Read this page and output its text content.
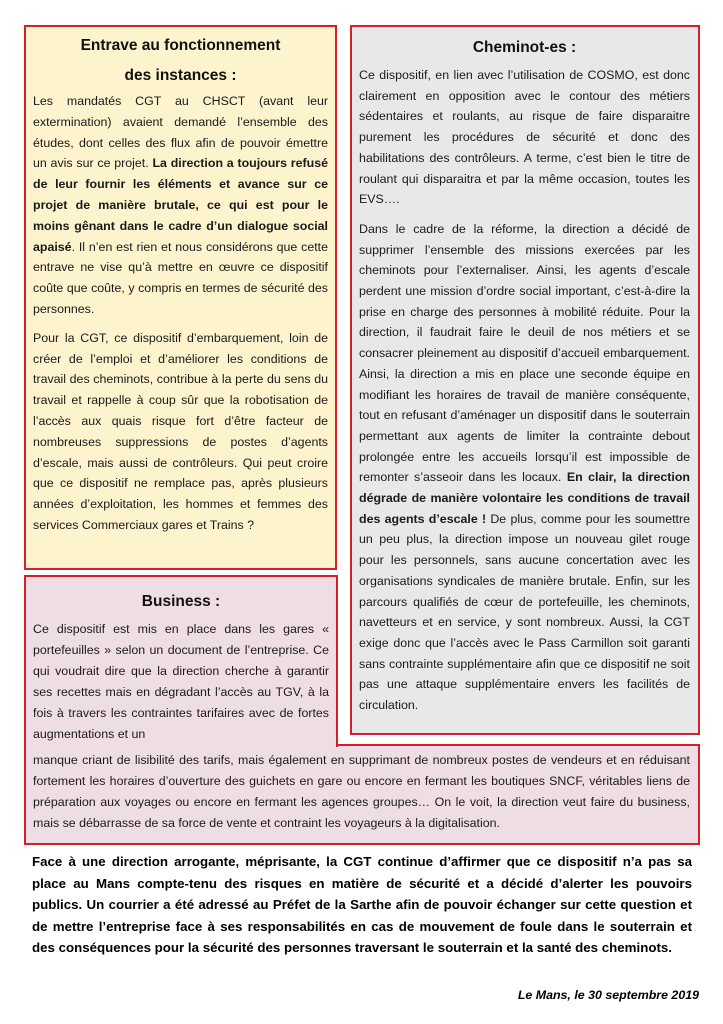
Entrave au fonctionnement
des instances :

Les mandatés CGT au CHSCT (avant leur extermination) avaient demandé l’ensemble des études, dont celles des flux afin de pouvoir émettre un avis sur ce projet. La direction a toujours refusé de leur fournir les éléments et avance sur ce projet de manière brutale, ce qui est pour le moins gênant dans le cadre d’un dialogue social apaisé. Il n’en est rien et nous considérons que cette entrave ne vise qu’à mettre en œuvre ce dispositif coûte que coûte, y compris en termes de sécurité des personnes.

Pour la CGT, ce dispositif d’embarquement, loin de créer de l’emploi et d’améliorer les conditions de travail des cheminots, contribue à la perte du sens du travail et rappelle à coup sûr que la robotisation de l’accès aux quais risque fort d’être facteur de nombreuses suppressions de postes d’agents d’escale, mais aussi de contrôleurs. Qui peut croire que ce dispositif ne remplace pas, après plusieurs années d’exploitation, les hommes et femmes des services Commerciaux gares et Trains ?

Cheminot-es :

Ce dispositif, en lien avec l’utilisation de COSMO, est donc clairement en opposition avec le contour des métiers sédentaires et roulants, au risque de faire disparaitre purement les procédures de sécurité et donc des habilitations des contrôleurs. A terme, c’est bien le titre de roulant qui disparaitra et par la même occasion, toutes les EVS….

Dans le cadre de la réforme, la direction a décidé de supprimer l’ensemble des missions exercées par les cheminots pour l’externaliser. Ainsi, les agents d’escale perdent une mission d’ordre social important, c’est-à-dire la prise en charge des personnes à mobilité réduite. Pour la direction, il faudrait faire le deuil de nos métiers et se consacrer pleinement au dispositif d’accueil embarquement. Ainsi, la direction a mis en place une seconde équipe en modifiant les horaires de travail de manière conséquente, tout en refusant d’aménager un dispositif dans le souterrain permettant aux agents de limiter la contrainte debout prolongée entre les accueils lorsqu’il est impossible de remonter s’asseoir dans les locaux. En clair, la direction dégrade de manière volontaire les conditions de travail des agents d’escale ! De plus, comme pour les soumettre un peu plus, la direction impose un nouveau gilet rouge pour les personnels, sans aucune concertation avec les organisations syndicales de manière brutale. Enfin, sur les parcours qualifiés de cœur de portefeuille, les cheminots, navetteurs et en service, y sont nombreux. Aussi, la CGT exige donc que l’accès avec le Pass Carmillon soit garanti sans contrainte supplémentaire afin que ce dispositif ne soit pas une attaque supplémentaire envers les facilités de circulation.

Business :

Ce dispositif est mis en place dans les gares « portefeuilles » selon un document de l’entreprise. Ce qui voudrait dire que la direction cherche à garantir ses recettes mais en dégradant l’accès au TGV, à la fois à travers les contraintes tarifaires avec de fortes augmentations et un

manque criant de lisibilité des tarifs, mais également en supprimant de nombreux postes de vendeurs et en réduisant fortement les horaires d’ouverture des guichets en gare ou encore en fermant les boutiques SNCF, véritables liens de préparation aux voyages ou encore en fermant les agences groupes… On le voit, la direction veut faire du business, mais se débarrasse de sa force de vente et contraint les voyageurs à la digitalisation.

Face à une direction arrogante, méprisante, la CGT continue d’affirmer que ce dispositif n’a pas sa place au Mans compte-tenu des risques en matière de sécurité et a décidé d’alerter les pouvoirs publics. Un courrier a été adressé au Préfet de la Sarthe afin de pouvoir échanger sur cette question et de mettre l’entreprise face à ses responsabilités en cas de mouvement de foule dans le souterrain et des conséquences pour la sécurité des personnes traversant le souterrain et la santé des cheminots.

Le Mans, le 30 septembre 2019
